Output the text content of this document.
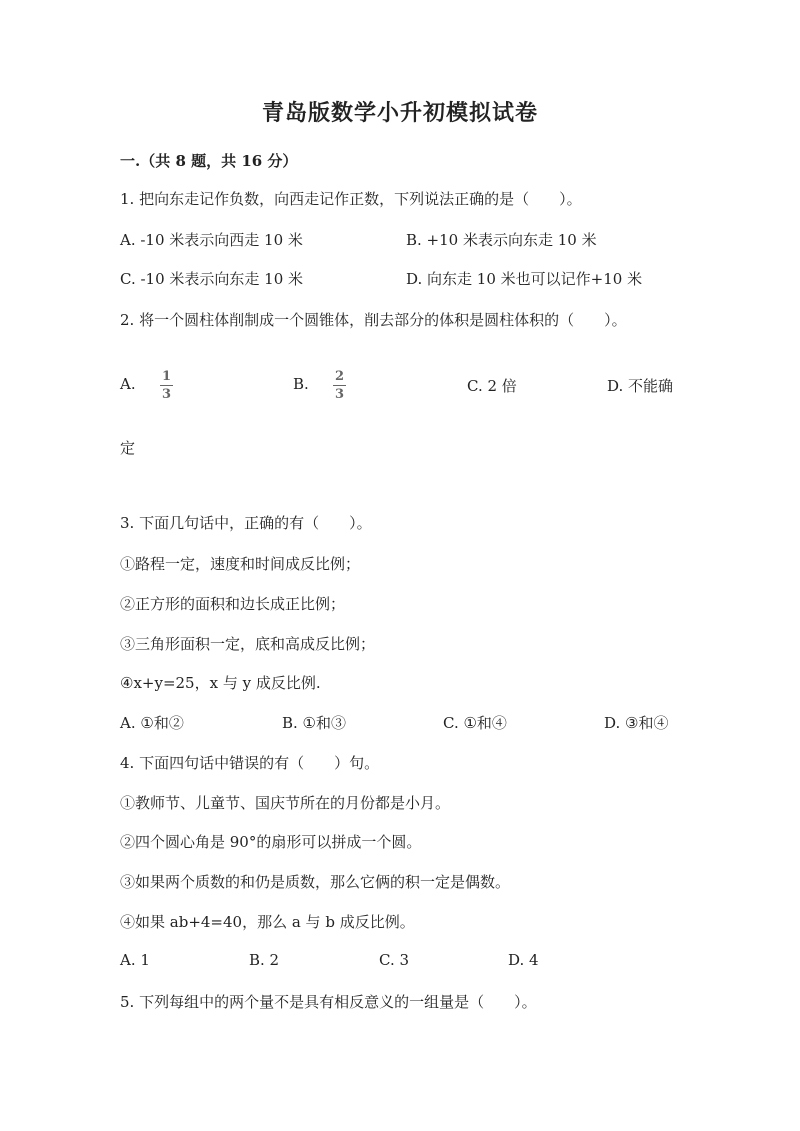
青岛版数学小升初模拟试卷
一.（共 8 题，共 16 分）
1. 把向东走记作负数，向西走记作正数，下列说法正确的是（　　）。
A. -10 米表示向西走 10 米	B. +10 米表示向东走 10 米
C. -10 米表示向东走 10 米	D. 向东走 10 米也可以记作+10 米
2. 将一个圆柱体削制成一个圆锥体，削去部分的体积是圆柱体积的（　　）。
A. 1
3
B. 2
3	C. 2 倍	D. 不能确
定
3. 下面几句话中，正确的有（　　）。
①路程一定，速度和时间成反比例；
②正方形的面积和边长成正比例；
③三角形面积一定，底和高成反比例；
④x+y=25，x 与 y 成反比例.
A. ①和②	B. ①和③	C. ①和④	D. ③和④
4. 下面四句话中错误的有（　　）句。
①教师节、儿童节、国庆节所在的月份都是小月。
②四个圆心角是 90°的扇形可以拼成一个圆。
③如果两个质数的和仍是质数，那么它俩的积一定是偶数。
④如果 ab+4=40，那么 a 与 b 成反比例。
A. 1	B. 2	C. 3	D. 4
5. 下列每组中的两个量不是具有相反意义的一组量是（　　）。
